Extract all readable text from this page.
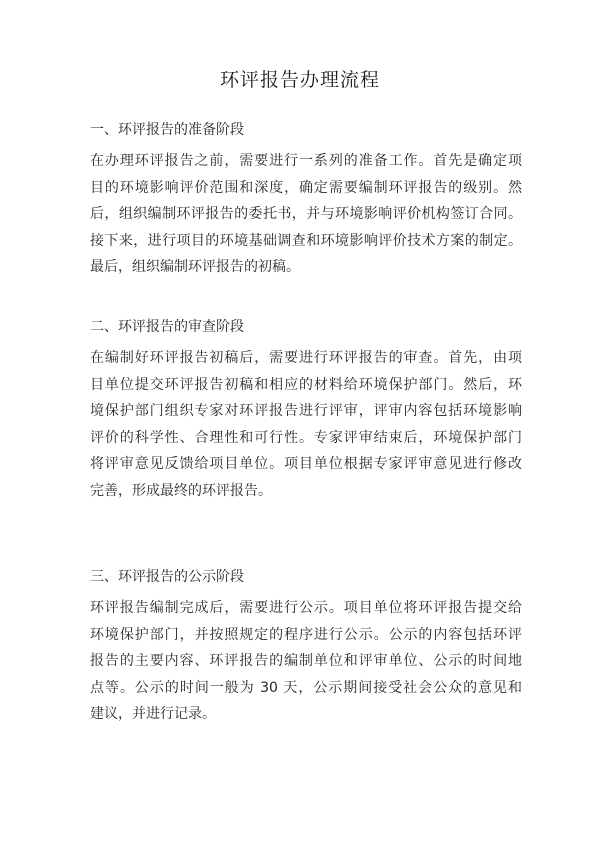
环评报告办理流程
一、环评报告的准备阶段
在办理环评报告之前，需要进行一系列的准备工作。首先是确定项
目的环境影响评价范围和深度，确定需要编制环评报告的级别。然
后，组织编制环评报告的委托书，并与环境影响评价机构签订合同。
接下来，进行项目的环境基础调查和环境影响评价技术方案的制定。
最后，组织编制环评报告的初稿。
二、环评报告的审查阶段
在编制好环评报告初稿后，需要进行环评报告的审查。首先，由项
目单位提交环评报告初稿和相应的材料给环境保护部门。然后，环
境保护部门组织专家对环评报告进行评审，评审内容包括环境影响
评价的科学性、合理性和可行性。专家评审结束后，环境保护部门
将评审意见反馈给项目单位。项目单位根据专家评审意见进行修改
完善，形成最终的环评报告。
三、环评报告的公示阶段
环评报告编制完成后，需要进行公示。项目单位将环评报告提交给
环境保护部门，并按照规定的程序进行公示。公示的内容包括环评
报告的主要内容、环评报告的编制单位和评审单位、公示的时间地
点等。公示的时间一般为 30 天，公示期间接受社会公众的意见和
建议，并进行记录。
